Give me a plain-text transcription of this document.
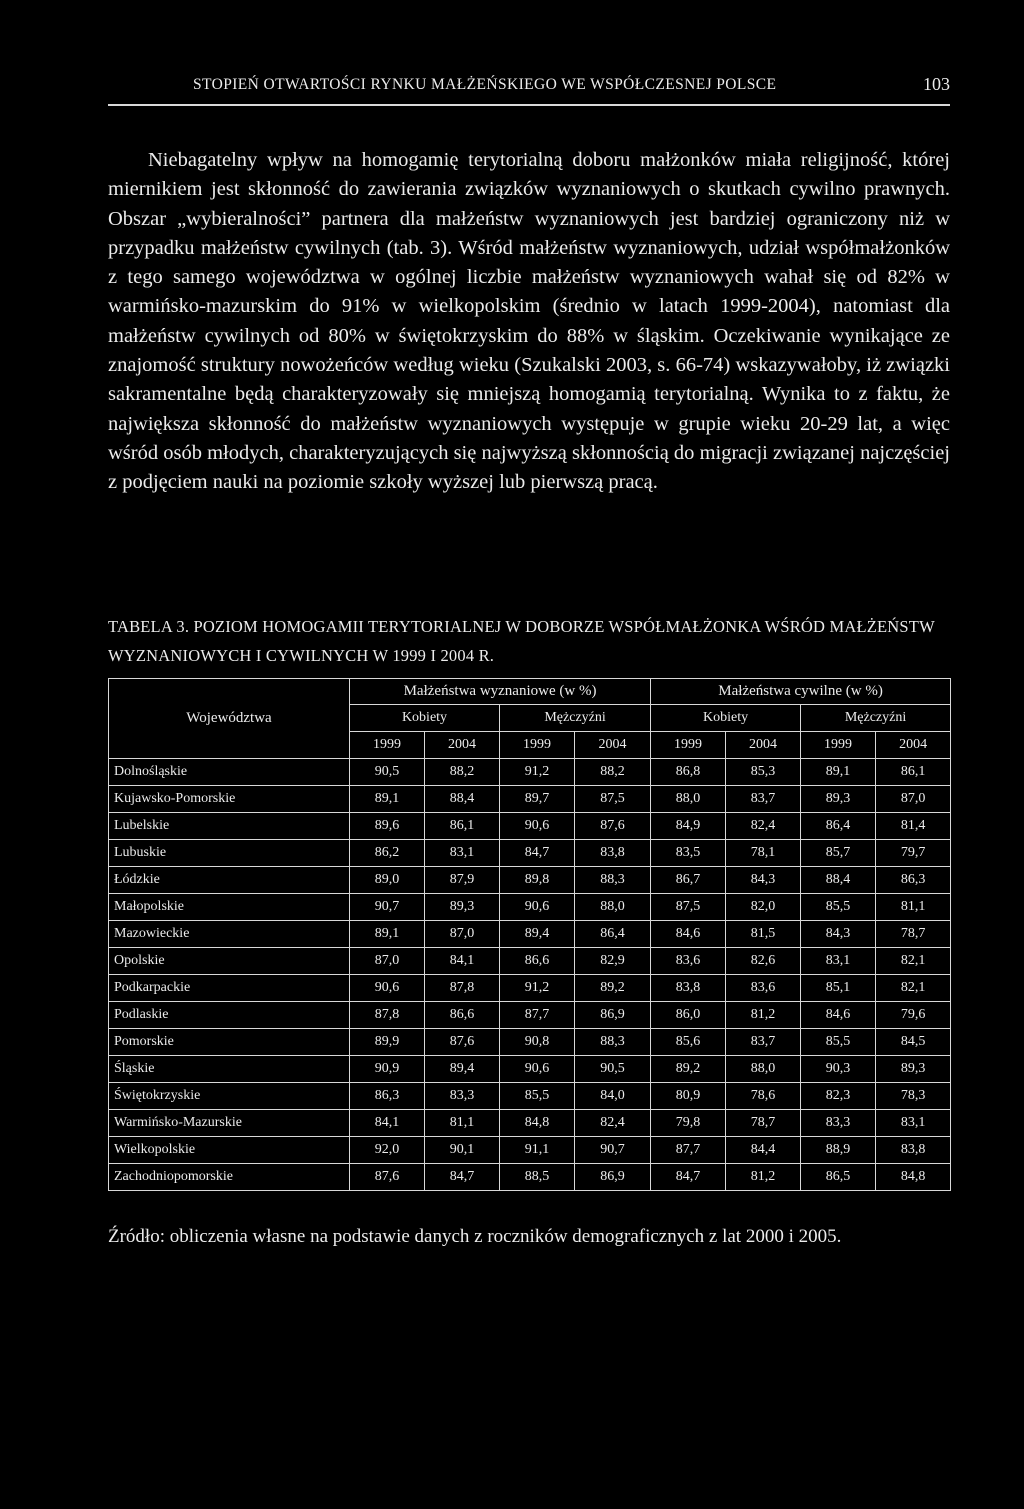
STOPIEŃ OTWARTOŚCI RYNKU MAŁŻEŃSKIEGO WE WSPÓŁCZESNEJ POLSCE	103

Niebagatelny wpływ na homogamię terytorialną doboru małżonków miała religijność, której miernikiem jest skłonność do zawierania związków wyznaniowych o skutkach cywilno prawnych. Obszar „wybieralności” partnera dla małżeństw wyznaniowych jest bardziej ograniczony niż w przypadku małżeństw cywilnych (tab. 3). Wśród małżeństw wyznaniowych, udział współmałżonków z tego samego województwa w ogólnej liczbie małżeństw wyznaniowych wahał się od 82% w warmińsko-mazurskim do 91% w wielkopolskim (średnio w latach 1999-2004), natomiast dla małżeństw cywilnych od 80% w świętokrzyskim do 88% w śląskim. Oczekiwanie wynikające ze znajomość struktury nowożeńców według wieku (Szukalski 2003, s. 66-74) wskazywałoby, iż związki sakramentalne będą charakteryzowały się mniejszą homogamią terytorialną. Wynika to z faktu, że największa skłonność do małżeństw wyznaniowych występuje w grupie wieku 20-29 lat, a więc wśród osób młodych, charakteryzujących się najwyższą skłonnością do migracji związanej najczęściej z podjęciem nauki na poziomie szkoły wyższej lub pierwszą pracą.

TABELA 3. POZIOM HOMOGAMII TERYTORIALNEJ W DOBORZE WSPÓŁMAŁŻONKA WŚRÓD MAŁŻEŃSTW WYZNANIOWYCH I CYWILNYCH W 1999 I 2004 R.

Województwa	Małżeństwa wyznaniowe (w %)				Małżeństwa cywilne (w %)			
	Kobiety		Mężczyźni		Kobiety		Mężczyźni	
	1999	2004	1999	2004	1999	2004	1999	2004
Dolnośląskie	90,5	88,2	91,2	88,2	86,8	85,3	89,1	86,1
Kujawsko-Pomorskie	89,1	88,4	89,7	87,5	88,0	83,7	89,3	87,0
Lubelskie	89,6	86,1	90,6	87,6	84,9	82,4	86,4	81,4
Lubuskie	86,2	83,1	84,7	83,8	83,5	78,1	85,7	79,7
Łódzkie	89,0	87,9	89,8	88,3	86,7	84,3	88,4	86,3
Małopolskie	90,7	89,3	90,6	88,0	87,5	82,0	85,5	81,1
Mazowieckie	89,1	87,0	89,4	86,4	84,6	81,5	84,3	78,7
Opolskie	87,0	84,1	86,6	82,9	83,6	82,6	83,1	82,1
Podkarpackie	90,6	87,8	91,2	89,2	83,8	83,6	85,1	82,1
Podlaskie	87,8	86,6	87,7	86,9	86,0	81,2	84,6	79,6
Pomorskie	89,9	87,6	90,8	88,3	85,6	83,7	85,5	84,5
Śląskie	90,9	89,4	90,6	90,5	89,2	88,0	90,3	89,3
Świętokrzyskie	86,3	83,3	85,5	84,0	80,9	78,6	82,3	78,3
Warmińsko-Mazurskie	84,1	81,1	84,8	82,4	79,8	78,7	83,3	83,1
Wielkopolskie	92,0	90,1	91,1	90,7	87,7	84,4	88,9	83,8
Zachodniopomorskie	87,6	84,7	88,5	86,9	84,7	81,2	86,5	84,8

Źródło: obliczenia własne na podstawie danych z roczników demograficznych z lat 2000 i 2005.
